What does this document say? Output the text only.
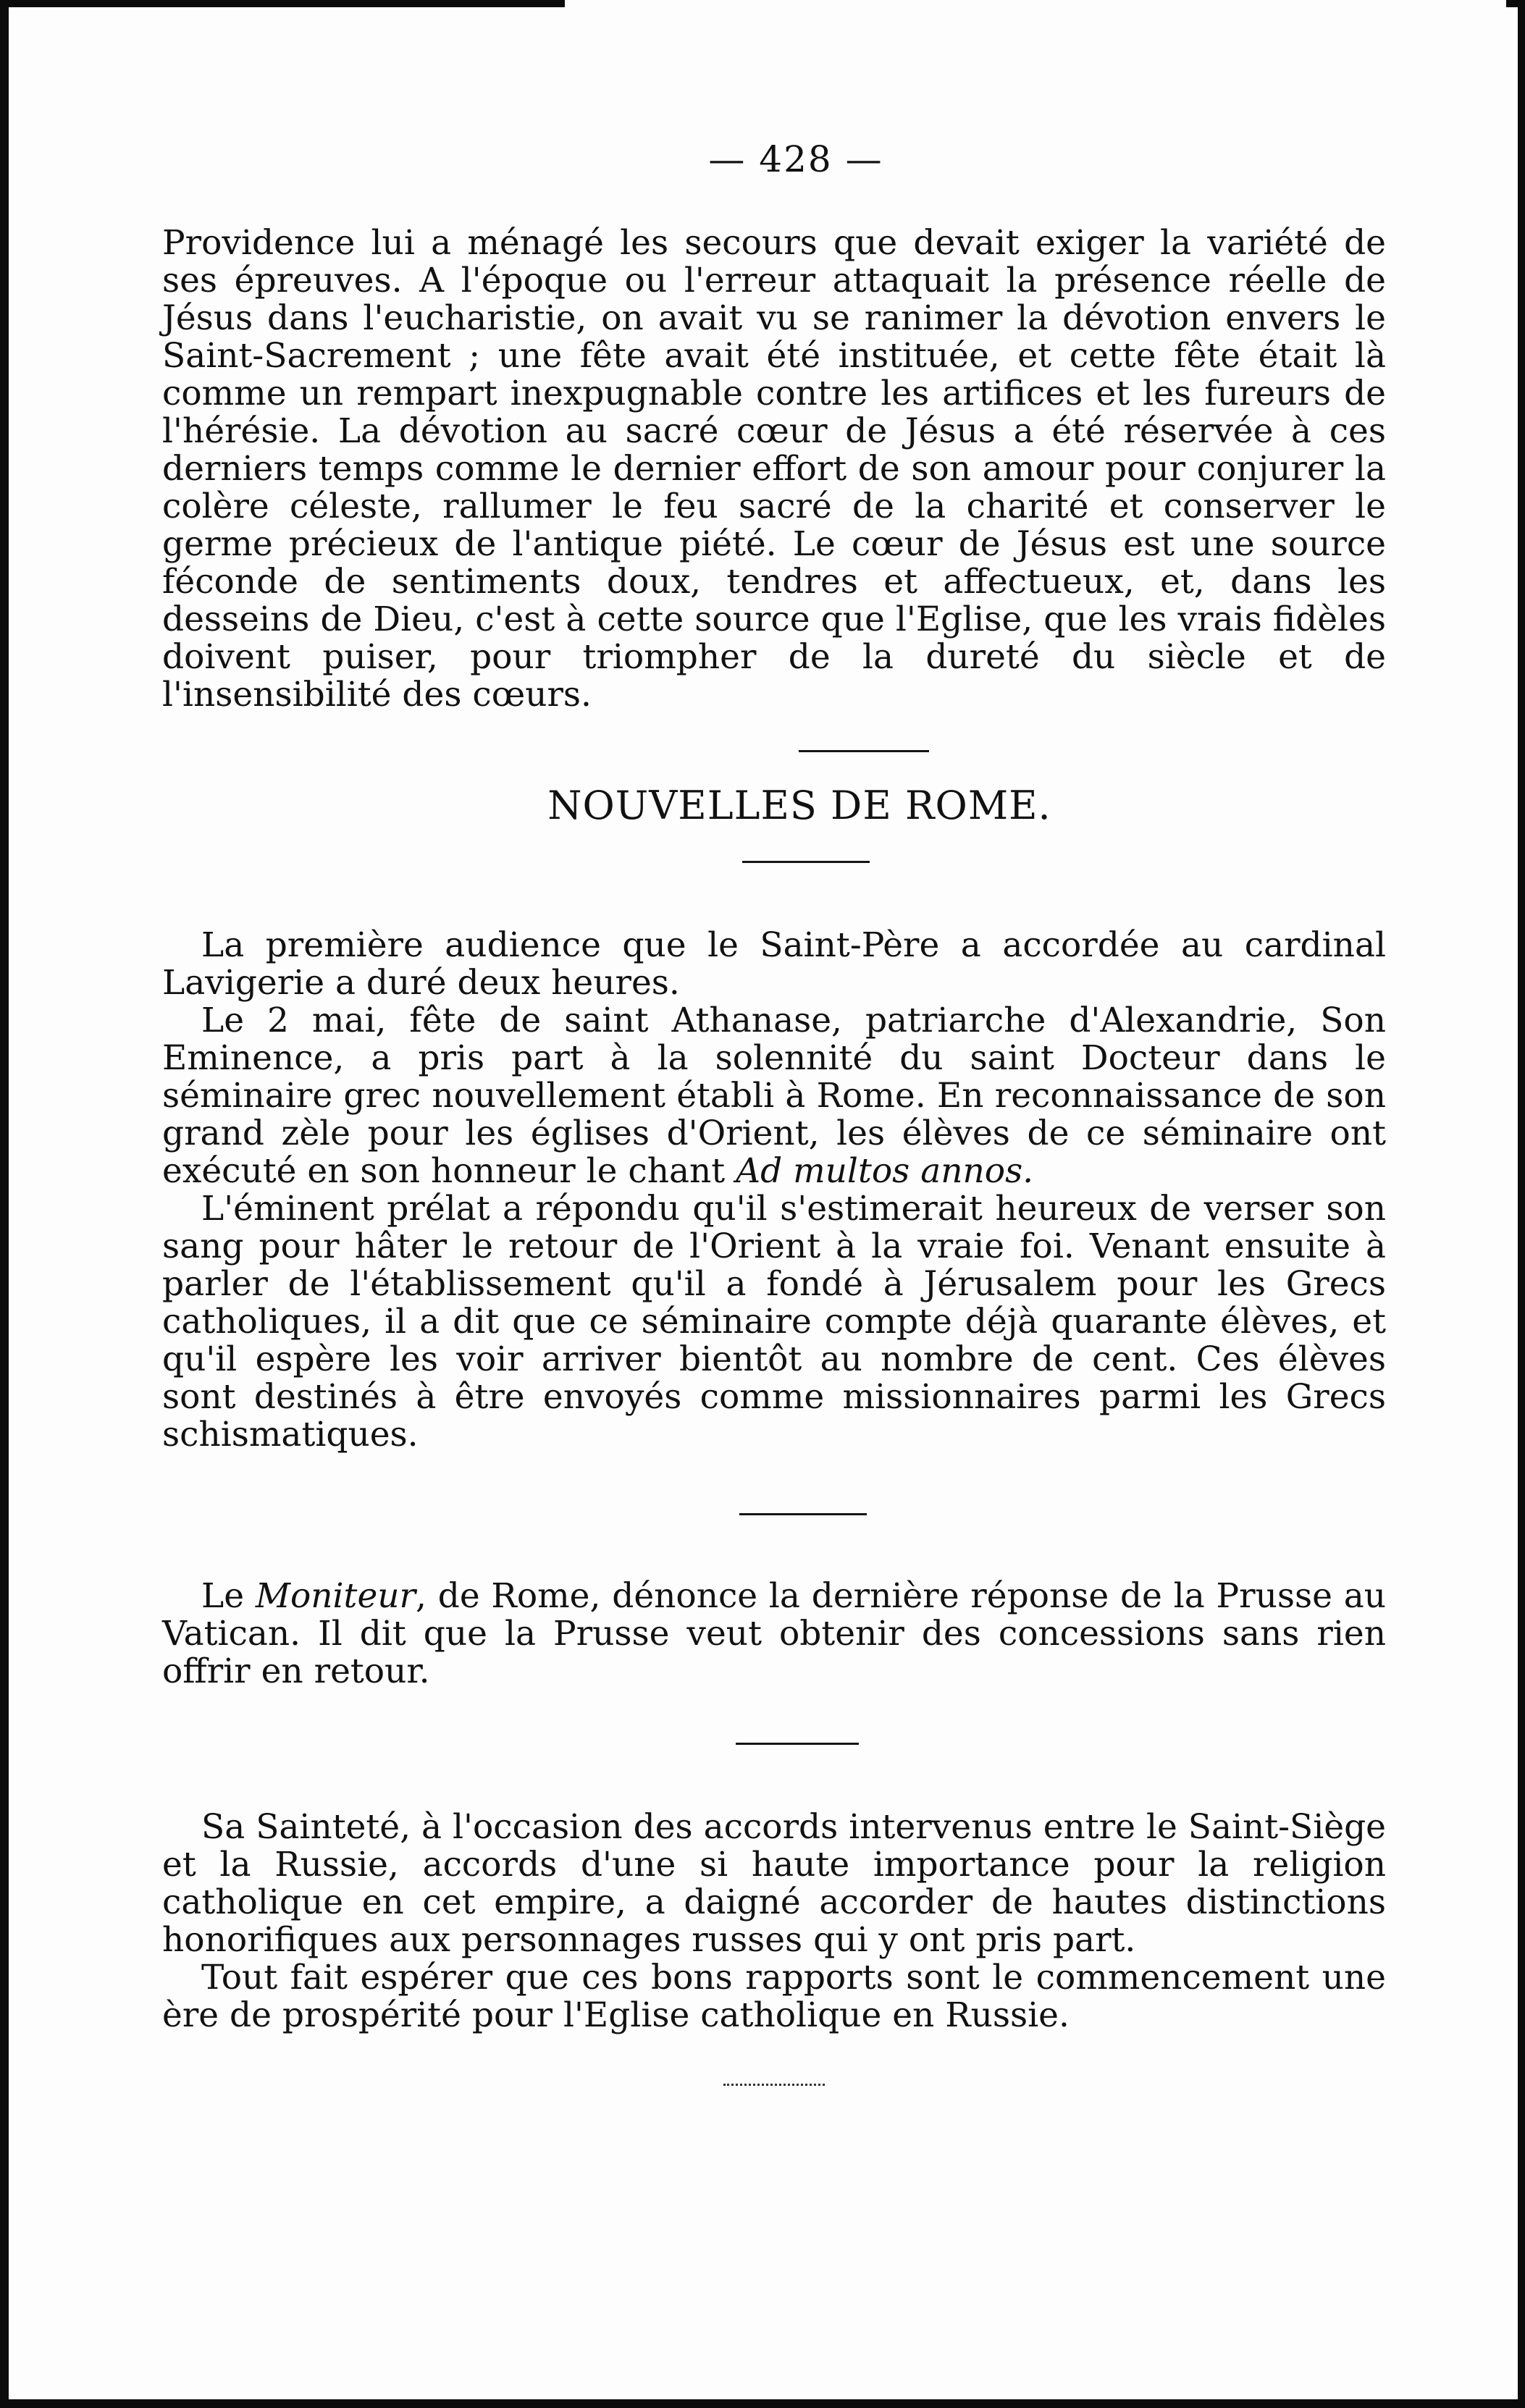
— 428 —

Providence lui a ménagé les secours que devait exiger la variété de ses épreuves. A l'époque ou l'erreur attaquait la présence réelle de Jésus dans l'eucharistie, on avait vu se ranimer la dévotion envers le Saint-Sacrement ; une fête avait été instituée, et cette fête était là comme un rempart inexpugnable contre les artifices et les fureurs de l'hérésie. La dévotion au sacré cœur de Jésus a été réservée à ces derniers temps comme le dernier effort de son amour pour conjurer la colère céleste, rallumer le feu sacré de la charité et conserver le germe précieux de l'antique piété. Le cœur de Jésus est une source féconde de sentiments doux, tendres et affectueux, et, dans les desseins de Dieu, c'est à cette source que l'Eglise, que les vrais fidèles doivent puiser, pour triompher de la dureté du siècle et de l'insensibilité des cœurs.

NOUVELLES DE ROME.

La première audience que le Saint-Père a accordée au cardinal Lavigerie a duré deux heures.

Le 2 mai, fête de saint Athanase, patriarche d'Alexandrie, Son Eminence, a pris part à la solennité du saint Docteur dans le séminaire grec nouvellement établi à Rome. En reconnaissance de son grand zèle pour les églises d'Orient, les élèves de ce séminaire ont exécuté en son honneur le chant Ad multos annos.

L'éminent prélat a répondu qu'il s'estimerait heureux de verser son sang pour hâter le retour de l'Orient à la vraie foi. Venant ensuite à parler de l'établissement qu'il a fondé à Jérusalem pour les Grecs catholiques, il a dit que ce séminaire compte déjà quarante élèves, et qu'il espère les voir arriver bientôt au nombre de cent. Ces élèves sont destinés à être envoyés comme missionnaires parmi les Grecs schismatiques.

Le Moniteur, de Rome, dénonce la dernière réponse de la Prusse au Vatican. Il dit que la Prusse veut obtenir des concessions sans rien offrir en retour.

Sa Sainteté, à l'occasion des accords intervenus entre le Saint-Siège et la Russie, accords d'une si haute importance pour la religion catholique en cet empire, a daigné accorder de hautes distinctions honorifiques aux personnages russes qui y ont pris part.

Tout fait espérer que ces bons rapports sont le commencement une ère de prospérité pour l'Eglise catholique en Russie.
